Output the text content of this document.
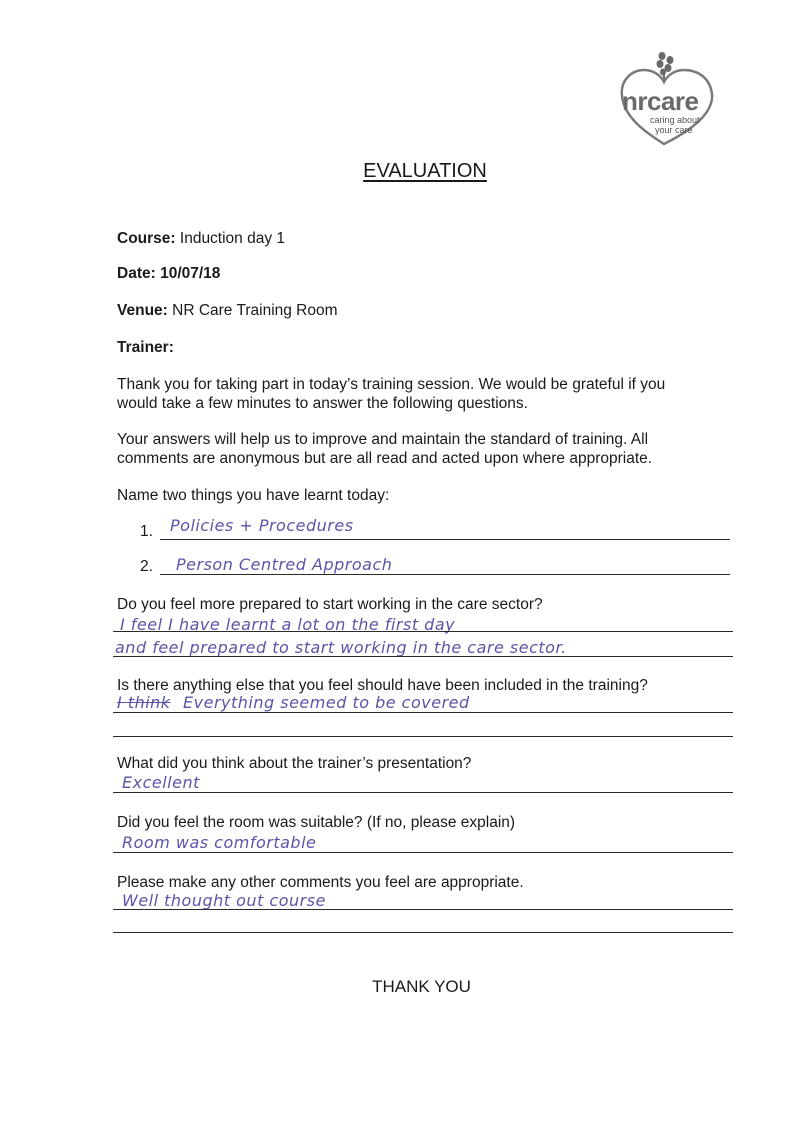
nrcare
caring about
your care
EVALUATION
Course: Induction day 1
Date: 10/07/18
Venue: NR Care Training Room
Trainer:
Thank you for taking part in today’s training session. We would be grateful if you
would take a few minutes to answer the following questions.
Your answers will help us to improve and maintain the standard of training. All
comments are anonymous but are all read and acted upon where appropriate.
Name two things you have learnt today:
1. Policies + Procedures
2. Person Centred Approach
Do you feel more prepared to start working in the care sector?
I feel I have learnt a lot on the first day
and feel prepared to start working in the care sector.
Is there anything else that you feel should have been included in the training?
I think Everything seemed to be covered
What did you think about the trainer’s presentation?
Excellent
Did you feel the room was suitable? (If no, please explain)
Room was comfortable
Please make any other comments you feel are appropriate.
Well thought out course
THANK YOU
